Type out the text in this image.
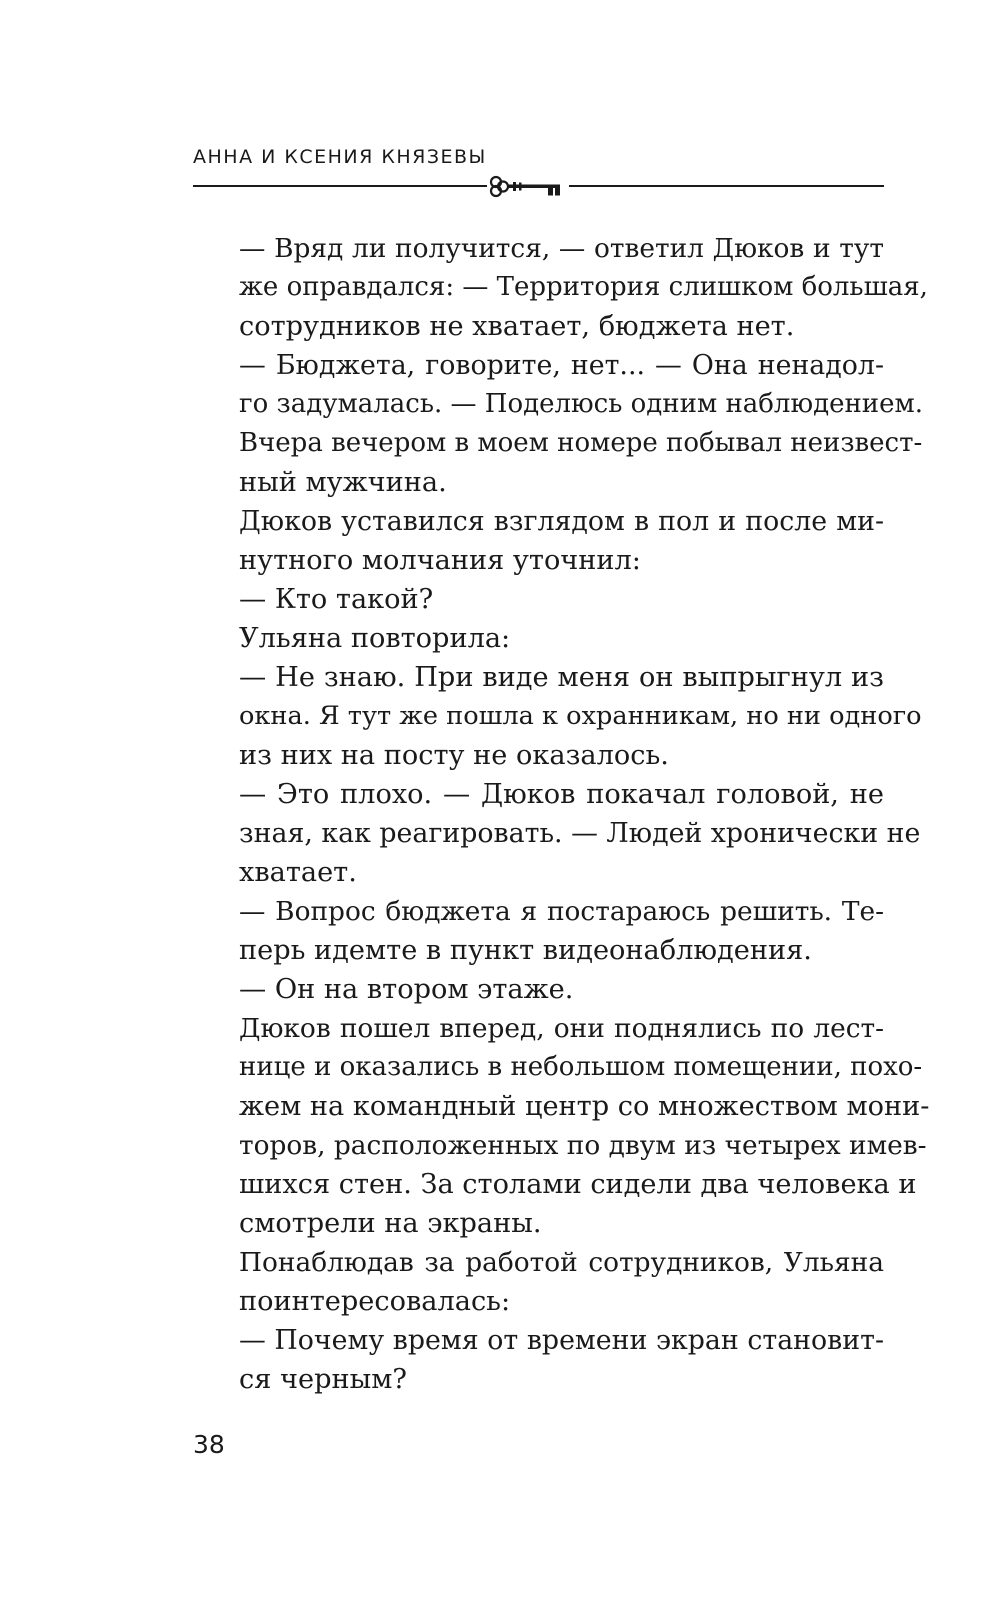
АННА И КСЕНИЯ КНЯЗЕВЫ

— Вряд ли получится, — ответил Дюков и тут
же оправдался: — Территория слишком большая,
сотрудников не хватает, бюджета нет.

— Бюджета, говорите, нет... — Она ненадол-
го задумалась. — Поделюсь одним наблюдением.
Вчера вечером в моем номере побывал неизвест-
ный мужчина.

Дюков уставился взглядом в пол и после ми-
нутного молчания уточнил:

— Кто такой?

Ульяна повторила:

— Не знаю. При виде меня он выпрыгнул из
окна. Я тут же пошла к охранникам, но ни одного
из них на посту не оказалось.

— Это плохо. — Дюков покачал головой, не
зная, как реагировать. — Людей хронически не
хватает.

— Вопрос бюджета я постараюсь решить. Те-
перь идемте в пункт видеонаблюдения.

— Он на втором этаже.

Дюков пошел вперед, они поднялись по лест-
нице и оказались в небольшом помещении, похо-
жем на командный центр со множеством мони-
торов, расположенных по двум из четырех имев-
шихся стен. За столами сидели два человека и
смотрели на экраны.

Понаблюдав за работой сотрудников, Ульяна
поинтересовалась:

— Почему время от времени экран становит-
ся черным?

38
